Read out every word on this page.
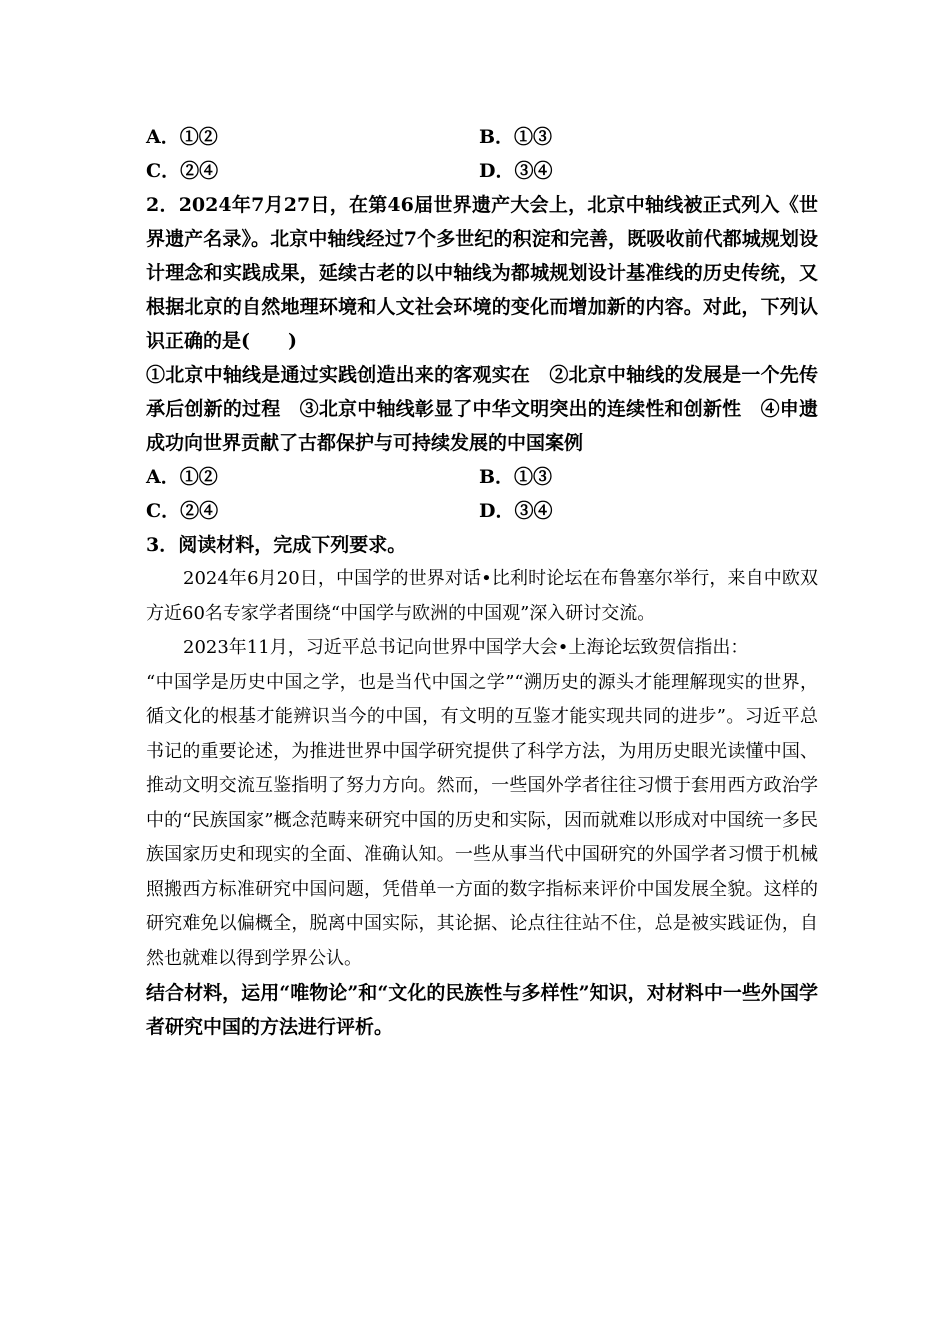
A．①②	B．①③
C．②④	D．③④

2．2024年7月27日，在第46届世界遗产大会上，北京中轴线被正式列入《世界遗产名录》。北京中轴线经过7个多世纪的积淀和完善，既吸收前代都城规划设计理念和实践成果，延续古老的以中轴线为都城规划设计基准线的历史传统，又根据北京的自然地理环境和人文社会环境的变化而增加新的内容。对此，下列认识正确的是(　　)

①北京中轴线是通过实践创造出来的客观实在　②北京中轴线的发展是一个先传承后创新的过程　③北京中轴线彰显了中华文明突出的连续性和创新性　④申遗成功向世界贡献了古都保护与可持续发展的中国案例

A．①②	B．①③
C．②④	D．③④

3．阅读材料，完成下列要求。

2024年6月20日，中国学的世界对话•比利时论坛在布鲁塞尔举行，来自中欧双方近60名专家学者围绕“中国学与欧洲的中国观”深入研讨交流。

2023年11月，习近平总书记向世界中国学大会•上海论坛致贺信指出：

“中国学是历史中国之学，也是当代中国之学”“溯历史的源头才能理解现实的世界，循文化的根基才能辨识当今的中国，有文明的互鉴才能实现共同的进步”。习近平总书记的重要论述，为推进世界中国学研究提供了科学方法，为用历史眼光读懂中国、推动文明交流互鉴指明了努力方向。然而，一些国外学者往往习惯于套用西方政治学中的“民族国家”概念范畴来研究中国的历史和实际，因而就难以形成对中国统一多民族国家历史和现实的全面、准确认知。一些从事当代中国研究的外国学者习惯于机械照搬西方标准研究中国问题，凭借单一方面的数字指标来评价中国发展全貌。这样的研究难免以偏概全，脱离中国实际，其论据、论点往往站不住，总是被实践证伪，自然也就难以得到学界公认。

结合材料，运用“唯物论”和“文化的民族性与多样性”知识，对材料中一些外国学者研究中国的方法进行评析。
